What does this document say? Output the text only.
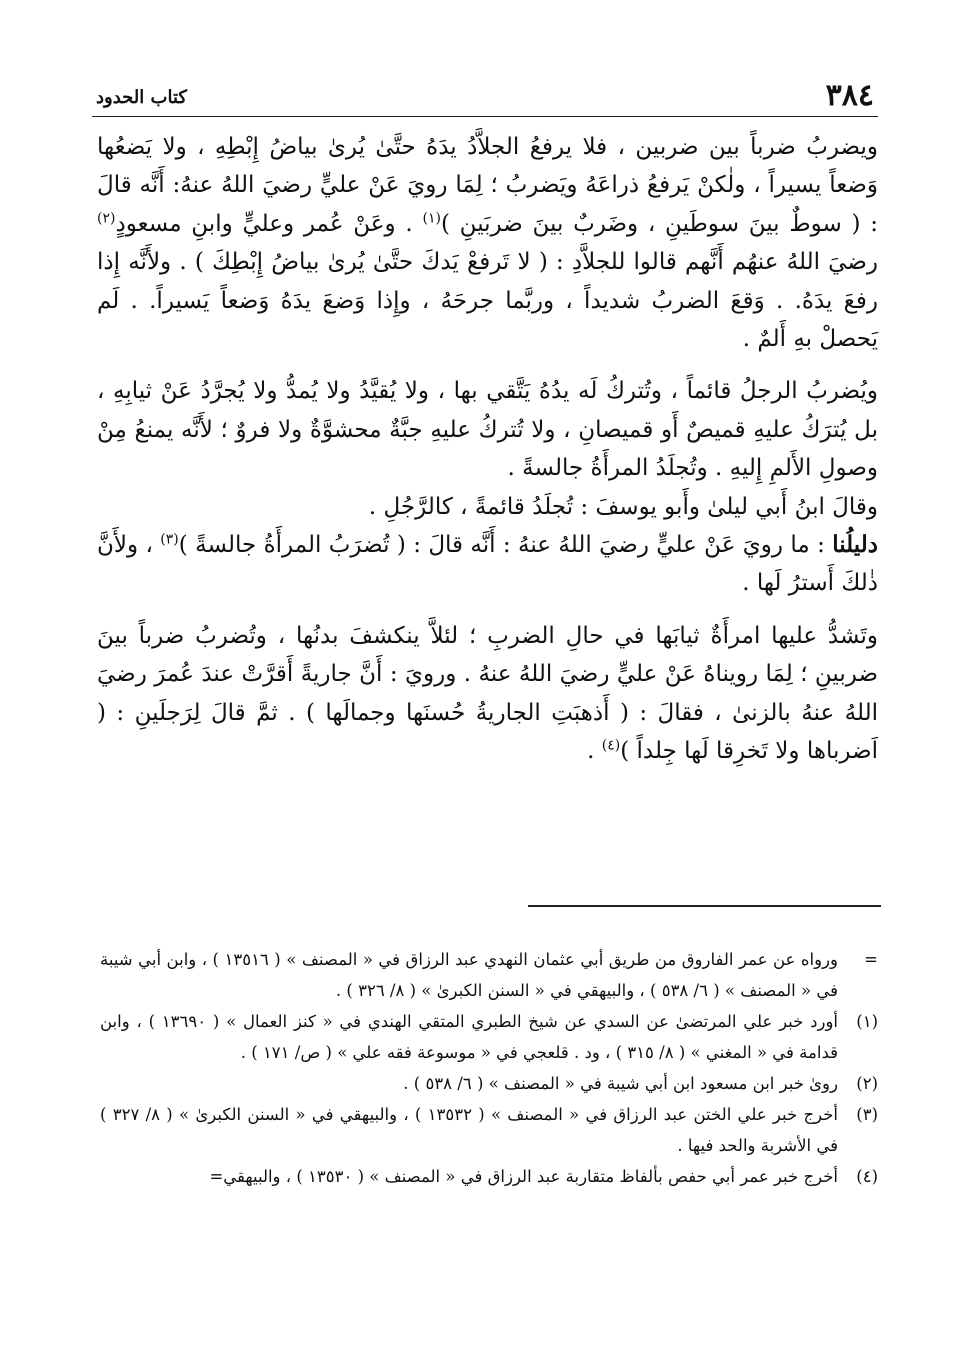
٣٨٤
كتاب الحدود

ويضربُ ضرباً بين ضربين ، فلا يرفعُ الجلاَّدُ يدَهُ حتَّىٰ يُرىٰ بياضُ إِبْطِهِ ، ولا يَضعُها وَضعاً يسيراً ، ولٰكنْ يَرفعُ ذراعَهُ ويَضربُ ؛ لِمَا رويَ عَنْ عليٍّ رضيَ اللهُ عنهُ: أَنَّه قالَ : ( سوطٌ بينَ سوطَينِ ، وضَربٌ بينَ ضربَينِ )$^{(١)}$ . وعَنْ عُمر وعليٍّ وابنِ مسعودٍ$^{(٢)}$ رضيَ اللهُ عنهُم أَنَّهم قالوا للجلاَّدِ : ( لا تَرفعْ يَدكَ حتَّىٰ يُرىٰ بياضُ إِبْطِكَ ) . ولأَنَّه إِذا رفعَ يدَهُ. . وَقعَ الضربُ شديداً ، وربَّما جرحَهُ ، وإِذا وَضعَ يدَهُ وَضعاً يَسيراً. . لَم يَحصلْ بهِ أَلمٌ .

ويُضربُ الرجلُ قائماً ، وتُتركُ لَه يدُهُ يَتَّقي بها ، ولا يُقيَّدُ ولا يُمدُّ ولا يُجرَّدُ عَنْ ثيابِهِ ، بل يُترَكُ عليهِ قميصٌ أَو قميصانِ ، ولا تُتركُ عليهِ جبَّةٌ محشوَّةٌ ولا فروٌ ؛ لأَنَّه يمنعُ مِنْ وصولِ الأَلمِ إِليهِ . وتُجلَدُ المرأَةُ جالسةً .

وقالَ ابنُ أَبي ليلىٰ وأَبو يوسفَ : تُجلَدُ قائمةً ، كالرَّجُلِ .

دليلُنا : ما رويَ عَنْ عليٍّ رضيَ اللهُ عنهُ : أَنَّه قالَ : ( تُضرَبُ المرأَةُ جالسةً )$^{(٣)}$ ، ولأَنَّ ذٰلكَ أَسترُ لَها .

وتَشدُّ عليها امرأَةٌ ثيابَها في حالِ الضربِ ؛ لئلاَّ ينكشفَ بدنُها ، وتُضربُ ضرباً بينَ ضربينِ ؛ لِمَا رويناهُ عَنْ عليٍّ رضيَ اللهُ عنهُ . ورويَ : أَنَّ جاريةً أَقرَّتْ عندَ عُمرَ رضيَ اللهُ عنهُ بالزنىٰ ، فقالَ : ( أَذهبَتِ الجاريةُ حُسنَها وجمالَها ) . ثمَّ قالَ لِرَجلَينِ : ( اَضرباها ولا تَخرِقا لَها جِلداً )$^{(٤)}$ .

=
ورواه عن عمر الفاروق من طريق أبي عثمان النهدي عبد الرزاق في « المصنف » ( ١٣٥١٦ ) ، وابن أبي شيبة في « المصنف » ( ٦/ ٥٣٨ ) ، والبيهقي في « السنن الكبرىٰ » ( ٨/ ٣٢٦ ) .
(١)
أورد خبر علي المرتضىٰ عن السدي عن شيخ الطبري المتقي الهندي في « كنز العمال » ( ١٣٦٩٠ ) ، وابن قدامة في « المغني » ( ٨/ ٣١٥ ) ، ود . قلعجي في « موسوعة فقه علي » ( ص/ ١٧١ ) .
(٢)
روىٰ خبر ابن مسعود ابن أبي شيبة في « المصنف » ( ٦/ ٥٣٨ ) .
(٣)
أخرج خبر علي الختن عبد الرزاق في « المصنف » ( ١٣٥٣٢ ) ، والبيهقي في « السنن الكبرىٰ » ( ٨/ ٣٢٧ ) في الأشربة والحد فيها .
(٤)
أخرج خبر عمر أبي حفص بألفاظ متقاربة عبد الرزاق في « المصنف » ( ١٣٥٣٠ ) ، والبيهقي=
